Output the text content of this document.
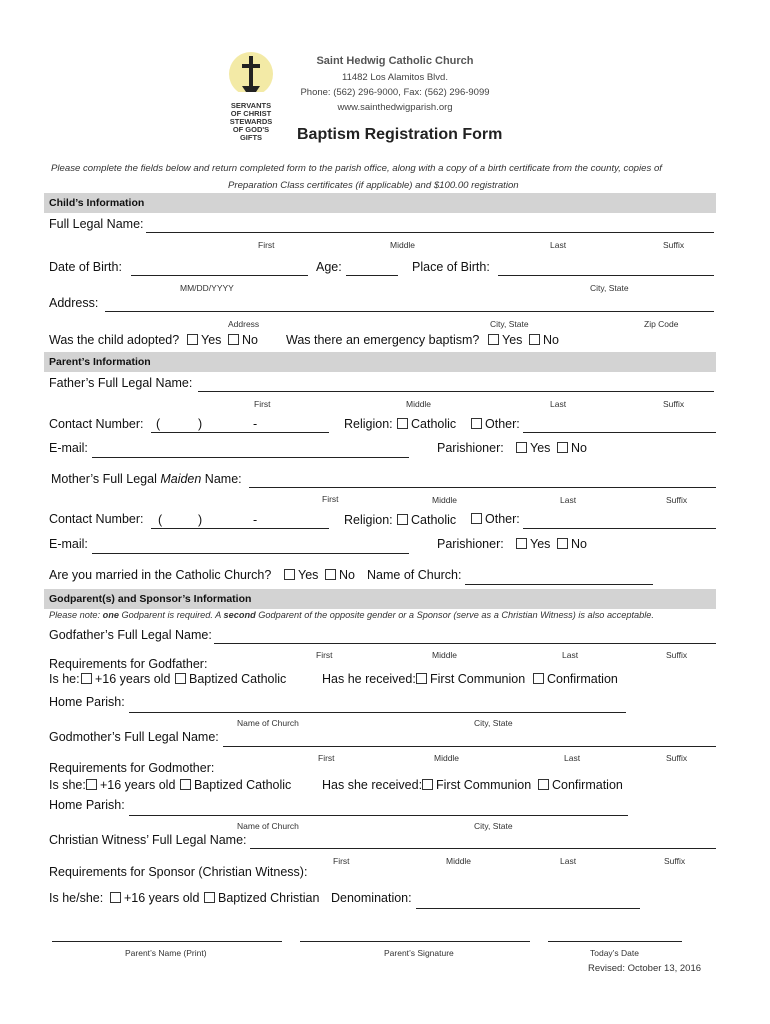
SERVANTS OF CHRIST STEWARDS OF GOD'S GIFTS
Saint Hedwig Catholic Church
11482 Los Alamitos Blvd.
Phone: (562) 296-9000, Fax: (562) 296-9099
www.sainthedwigparish.org
Baptism Registration Form
Please complete the fields below and return completed form to the parish office, along with a copy of a birth certificate from the county, copies of
Preparation Class certificates (if applicable) and $100.00 registration
Child’s Information
Full Legal Name:
First	Middle	Last	Suffix
Date of Birth:	Age:	Place of Birth:
MM/DD/YYYY	City, State
Address:
Address	City, State	Zip Code
Was the child adopted?	Yes	No Was there an emergency baptism?	Yes	No
Parent’s Information
Father’s Full Legal Name:
First	Middle	Last	Suffix
Contact Number: (	)	-	Religion:	Catholic	Other:
E-mail:	Parishioner:	Yes	No
Mother’s Full Legal Maiden Name:
First	Middle	Last	Suffix
Contact Number: (	)	-	Religion:	Catholic	Other:
E-mail:	Parishioner:	Yes	No
Are you married in the Catholic Church?	Yes	No Name of Church:
Godparent(s) and Sponsor’s Information
Please note: one Godparent is required. A second Godparent of the opposite gender or a Sponsor (serve as a Christian Witness) is also acceptable.
Godfather’s Full Legal Name:
First	Middle	Last	Suffix
Requirements for Godfather:
Is he:	+16 years old	Baptized Catholic	Has he received:	First Communion	Confirmation
Home Parish:
Name of Church	City, State
Godmother’s Full Legal Name:
First	Middle	Last	Suffix
Requirements for Godmother:
Is she:	+16 years old	Baptized Catholic Has she received:	First Communion	Confirmation
Home Parish:
Name of Church	City, State
Christian Witness’ Full Legal Name:
First	Middle	Last	Suffix
Requirements for Sponsor (Christian Witness):
Is he/she:	+16 years old	Baptized Christian Denomination:
Parent’s Name (Print)	Parent’s Signature	Today’s Date
Revised: October 13, 2016
